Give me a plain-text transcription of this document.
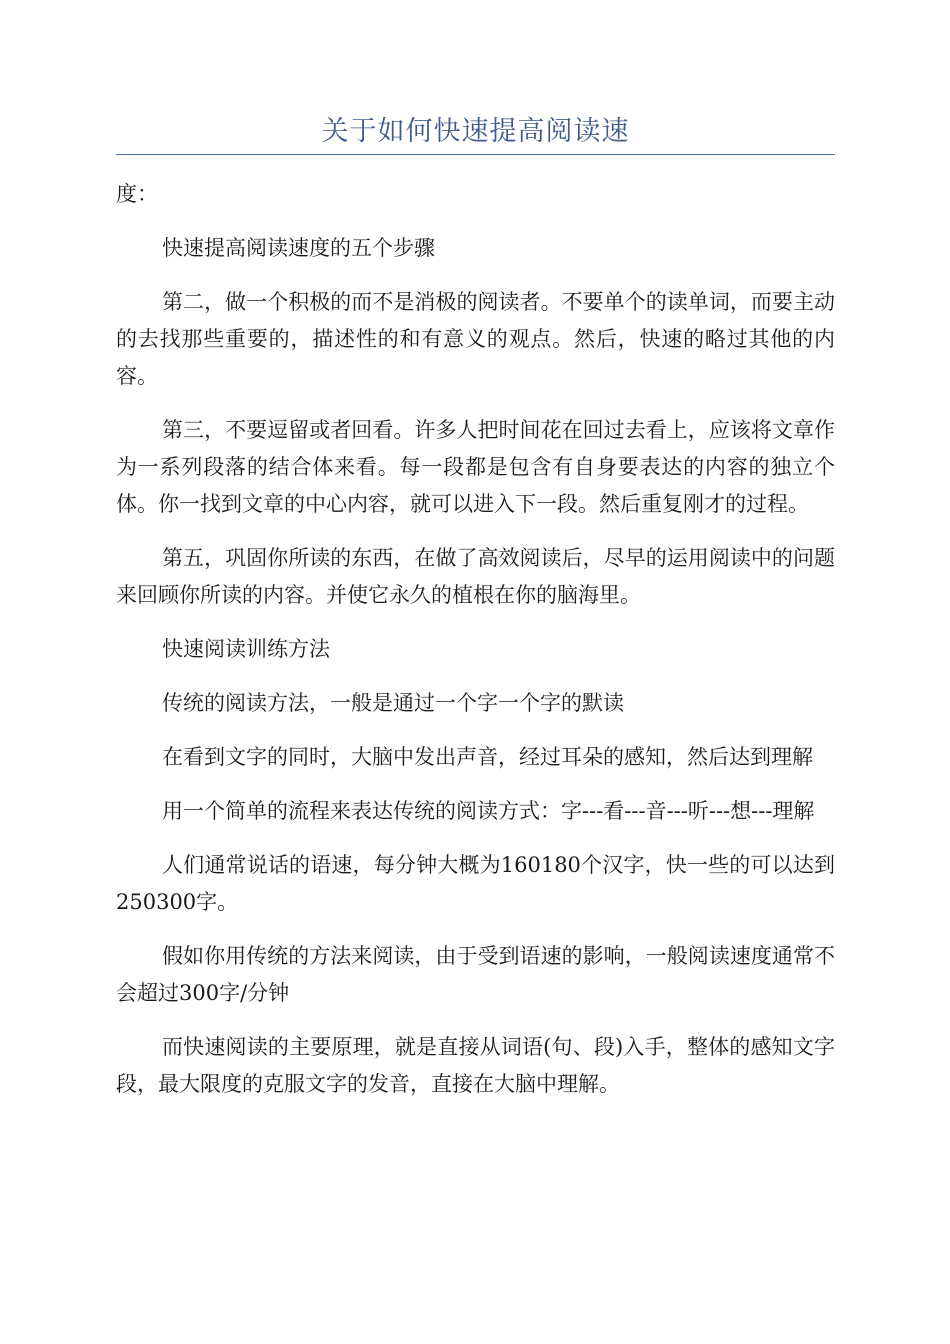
关于如何快速提高阅读速

度：

快速提高阅读速度的五个步骤

第二，做一个积极的而不是消极的阅读者。不要单个的读单词，而要主动的去找那些重要的，描述性的和有意义的观点。然后，快速的略过其他的内容。

第三，不要逗留或者回看。许多人把时间花在回过去看上，应该将文章作为一系列段落的结合体来看。每一段都是包含有自身要表达的内容的独立个体。你一找到文章的中心内容，就可以进入下一段。然后重复刚才的过程。

第五，巩固你所读的东西，在做了高效阅读后，尽早的运用阅读中的问题来回顾你所读的内容。并使它永久的植根在你的脑海里。

快速阅读训练方法

传统的阅读方法，一般是通过一个字一个字的默读

在看到文字的同时，大脑中发出声音，经过耳朵的感知，然后达到理解

用一个简单的流程来表达传统的阅读方式：字---看---音---听---想---理解

人们通常说话的语速，每分钟大概为160180个汉字，快一些的可以达到250300字。

假如你用传统的方法来阅读，由于受到语速的影响，一般阅读速度通常不会超过300字/分钟

而快速阅读的主要原理，就是直接从词语(句、段)入手，整体的感知文字段，最大限度的克服文字的发音，直接在大脑中理解。
